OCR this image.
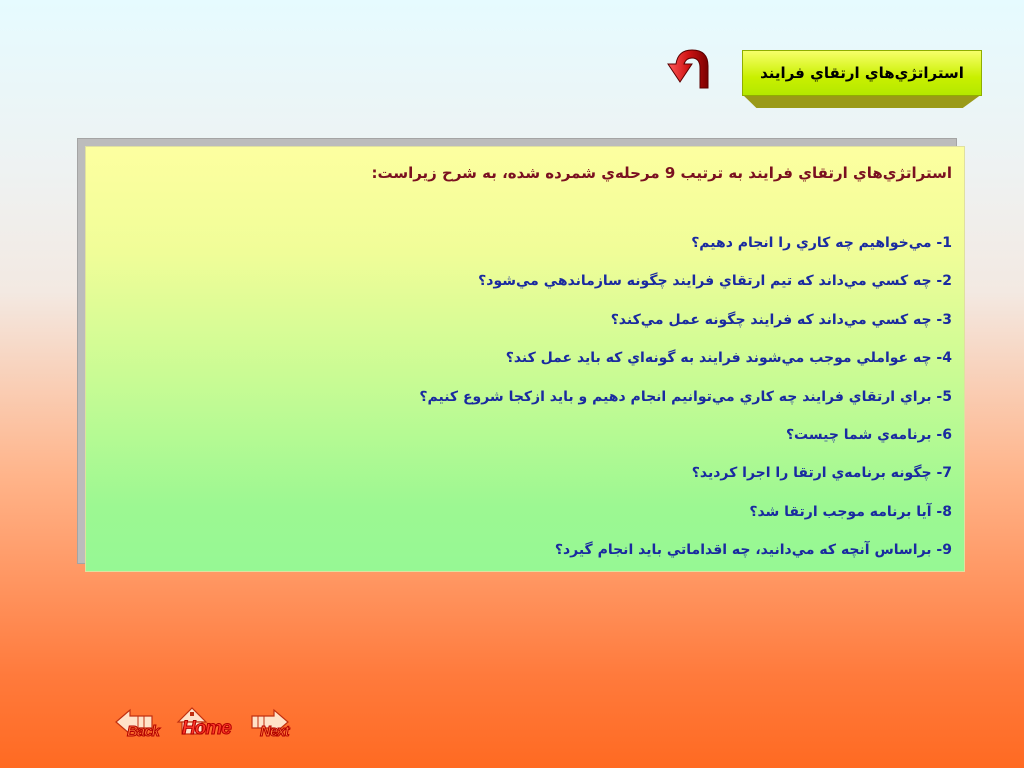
استراتژي‌هاي ارتقاي فرايند
استراتژي‌هاي ارتقاي فرايند به ترتيب 9 مرحله‌ي شمرده شده، به شرح زيراست:
1- مي‌خواهيم چه كاري را انجام دهيم؟
2- چه كسي مي‌داند كه تيم ارتقاي فرايند چگونه سازماندهي مي‌شود؟
3- چه كسي مي‌داند كه فرايند چگونه عمل مي‌كند؟
4- چه عواملي موجب مي‌شوند فرايند به گونه‌اي كه بايد عمل كند؟
5- براي ارتقاي فرايند چه كاري مي‌توانيم انجام دهيم و بايد ازكجا شروع كنيم؟
6- برنامه‌ي شما چيست؟
7- چگونه برنامه‌ي ارتقا را اجرا كرديد؟
8- آيا برنامه موجب ارتقا شد؟
9- براساس آنچه كه مي‌دانيد، چه اقداماتي بايد انجام گيرد؟
Back Home Next
